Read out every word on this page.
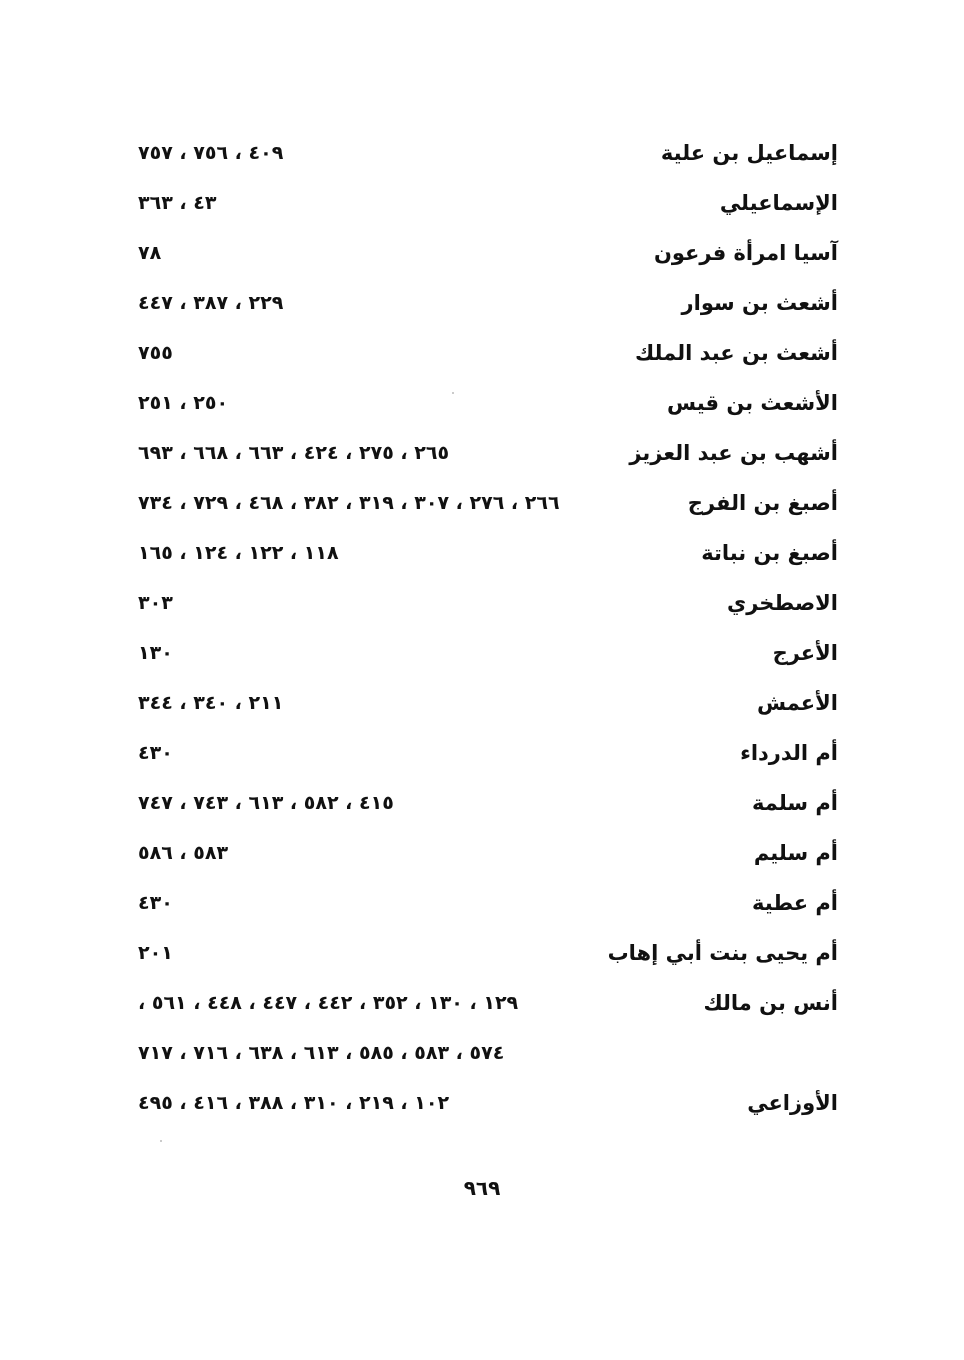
إسماعيل بن علية
٤٠٩ ، ٧٥٦ ، ٧٥٧
الإسماعيلي
٤٣ ، ٣٦٣
آسيا امرأة فرعون
٧٨
أشعث بن سوار
٢٢٩ ، ٣٨٧ ، ٤٤٧
أشعث بن عبد الملك
٧٥٥
الأشعث بن قيس
٢٥٠ ، ٢٥١
أشهب بن عبد العزيز
٢٦٥ ، ٢٧٥ ، ٤٢٤ ، ٦٦٣ ، ٦٦٨ ، ٦٩٣
أصبغ بن الفرج
٢٦٦ ، ٢٧٦ ، ٣٠٧ ، ٣١٩ ، ٣٨٢ ، ٤٦٨ ، ٧٢٩ ، ٧٣٤
أصبغ بن نباتة
١١٨ ، ١٢٢ ، ١٢٤ ، ١٦٥
الاصطخري
٣٠٣
الأعرج
١٣٠
الأعمش
٢١١ ، ٣٤٠ ، ٣٤٤
أم الدرداء
٤٣٠
أم سلمة
٤١٥ ، ٥٨٢ ، ٦١٣ ، ٧٤٣ ، ٧٤٧
أم سليم
٥٨٣ ، ٥٨٦
أم عطية
٤٣٠
أم يحيى بنت أبي إهاب
٢٠١
أنس بن مالك
١٢٩ ، ١٣٠ ، ٣٥٢ ، ٤٤٢ ، ٤٤٧ ، ٤٤٨ ، ٥٦١ ،
٥٧٤ ، ٥٨٣ ، ٥٨٥ ، ٦١٣ ، ٦٣٨ ، ٧١٦ ، ٧١٧
الأوزاعي
١٠٢ ، ٢١٩ ، ٣١٠ ، ٣٨٨ ، ٤١٦ ، ٤٩٥
٩٦٩
